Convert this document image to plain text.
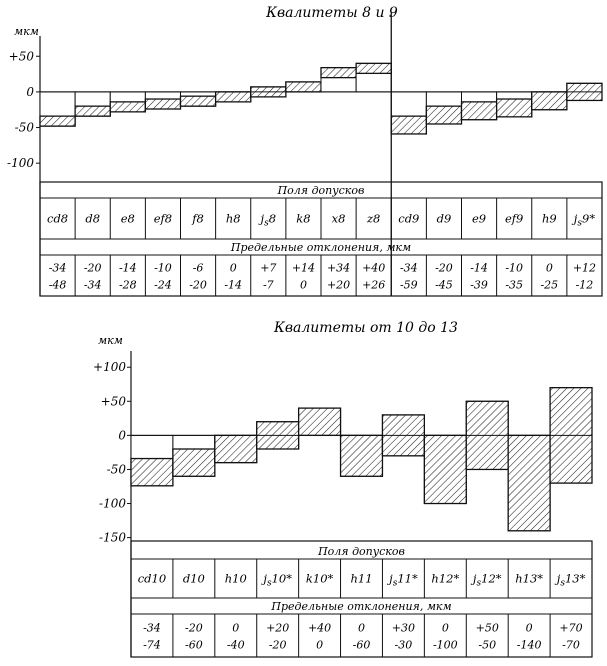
Квалитеты 8 и 9
мкм
+50
0
-50
-100
Поля допусков
Предельные отклонения, мкм
cd8
-34
-48
d8
-20
-34
e8
-14
-28
ef8
-10
-24
f8
-6
-20
h8
0
-14
$j_s8$
+7
-7
k8
+14
0
x8
+34
+20
z8
+40
+26
cd9
-34
-59
d9
-20
-45
e9
-14
-39
ef9
-10
-35
h9
0
-25
$j_s9*$
+12
-12
Квалитеты от 10 до 13
мкм
+100
+50
0
-50
-100
-150
Поля допусков
Предельные отклонения, мкм
cd10
-34
-74
d10
-20
-60
h10
0
-40
$j_s10*$
+20
-20
k10*
+40
0
h11
0
-60
$j_s11*$
+30
-30
h12*
0
-100
$j_s12*$
+50
-50
h13*
0
-140
$j_s13*$
+70
-70
